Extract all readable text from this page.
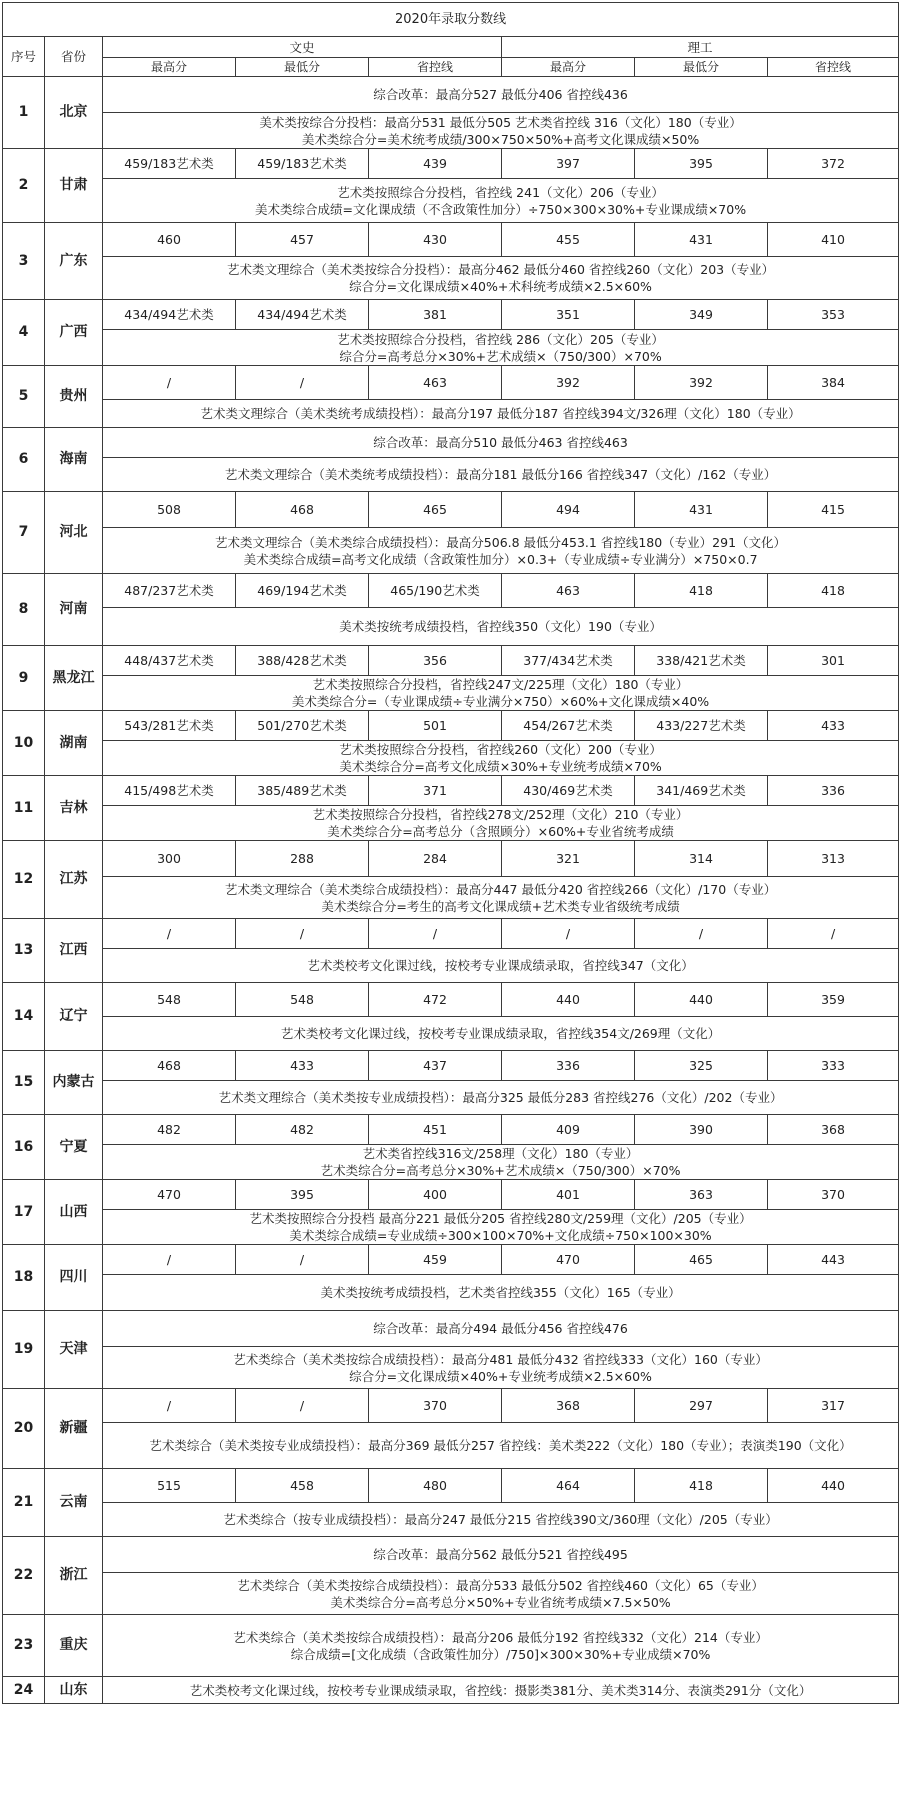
2020年录取分数线							
序号	省份	文史			理工		
		最高分	最低分	省控线	最高分	最低分	省控线
1	北京	综合改革：最高分527 最低分406 省控线436					
		美术类按综合分投档：最高分531 最低分505 艺术类省控线 316（文化）180（专业）
美术类综合分=美术统考成绩/300×750×50%+高考文化课成绩×50%					
2	甘肃	459/183艺术类	459/183艺术类	439	397	395	372
		艺术类按照综合分投档，省控线 241（文化）206（专业）
美术类综合成绩=文化课成绩（不含政策性加分）÷750×300×30%+专业课成绩×70%					
3	广东	460	457	430	455	431	410
		艺术类文理综合（美术类按综合分投档）：最高分462 最低分460 省控线260（文化）203（专业）
综合分=文化课成绩×40%+术科统考成绩×2.5×60%					
4	广西	434/494艺术类	434/494艺术类	381	351	349	353
		艺术类按照综合分投档，省控线 286（文化）205（专业）
综合分=高考总分×30%+艺术成绩×（750/300）×70%					
5	贵州	/	/	463	392	392	384
		艺术类文理综合（美术类统考成绩投档）：最高分197 最低分187 省控线394文/326理（文化）180（专业）					
6	海南	综合改革：最高分510 最低分463 省控线463					
		艺术类文理综合（美术类统考成绩投档）：最高分181 最低分166 省控线347（文化）/162（专业）					
7	河北	508	468	465	494	431	415
		艺术类文理综合（美术类综合成绩投档）：最高分506.8 最低分453.1 省控线180（专业）291（文化）
美术类综合成绩=高考文化成绩（含政策性加分）×0.3+（专业成绩÷专业满分）×750×0.7					
8	河南	487/237艺术类	469/194艺术类	465/190艺术类	463	418	418
		美术类按统考成绩投档，省控线350（文化）190（专业）					
9	黑龙江	448/437艺术类	388/428艺术类	356	377/434艺术类	338/421艺术类	301
		艺术类按照综合分投档，省控线247文/225理（文化）180（专业）
美术类综合分=（专业课成绩÷专业满分×750）×60%+文化课成绩×40%					
10	湖南	543/281艺术类	501/270艺术类	501	454/267艺术类	433/227艺术类	433
		艺术类按照综合分投档，省控线260（文化）200（专业）
美术类综合分=高考文化成绩×30%+专业统考成绩×70%					
11	吉林	415/498艺术类	385/489艺术类	371	430/469艺术类	341/469艺术类	336
		艺术类按照综合分投档，省控线278文/252理（文化）210（专业）
美术类综合分=高考总分（含照顾分）×60%+专业省统考成绩					
12	江苏	300	288	284	321	314	313
		艺术类文理综合（美术类综合成绩投档）：最高分447 最低分420 省控线266（文化）/170（专业）
美术类综合分=考生的高考文化课成绩+艺术类专业省级统考成绩					
13	江西	/	/	/	/	/	/
		艺术类校考文化课过线，按校考专业课成绩录取，省控线347（文化）					
14	辽宁	548	548	472	440	440	359
		艺术类校考文化课过线，按校考专业课成绩录取，省控线354文/269理（文化）					
15	内蒙古	468	433	437	336	325	333
		艺术类文理综合（美术类按专业成绩投档）：最高分325 最低分283 省控线276（文化）/202（专业）					
16	宁夏	482	482	451	409	390	368
		艺术类省控线316文/258理（文化）180（专业）
艺术类综合分=高考总分×30%+艺术成绩×（750/300）×70%					
17	山西	470	395	400	401	363	370
		艺术类按照综合分投档 最高分221 最低分205 省控线280文/259理（文化）/205（专业）
美术类综合成绩=专业成绩÷300×100×70%+文化成绩÷750×100×30%					
18	四川	/	/	459	470	465	443
		美术类按统考成绩投档，艺术类省控线355（文化）165（专业）					
19	天津	综合改革：最高分494 最低分456 省控线476					
		艺术类综合（美术类按综合成绩投档）：最高分481 最低分432 省控线333（文化）160（专业）
综合分=文化课成绩×40%+专业统考成绩×2.5×60%					
20	新疆	/	/	370	368	297	317
		艺术类综合（美术类按专业成绩投档）：最高分369 最低分257 省控线：美术类222（文化）180（专业）；表演类190（文化）					
21	云南	515	458	480	464	418	440
		艺术类综合（按专业成绩投档）：最高分247 最低分215 省控线390文/360理（文化）/205（专业）					
22	浙江	综合改革：最高分562 最低分521 省控线495					
		艺术类综合（美术类按综合成绩投档）：最高分533 最低分502 省控线460（文化）65（专业）
美术类综合分=高考总分×50%+专业省统考成绩×7.5×50%					
23	重庆	艺术类综合（美术类按综合成绩投档）：最高分206 最低分192 省控线332（文化）214（专业）
综合成绩=[文化成绩（含政策性加分）/750]×300×30%+专业成绩×70%					
24	山东	艺术类校考文化课过线，按校考专业课成绩录取，省控线：摄影类381分、美术类314分、表演类291分（文化）					
